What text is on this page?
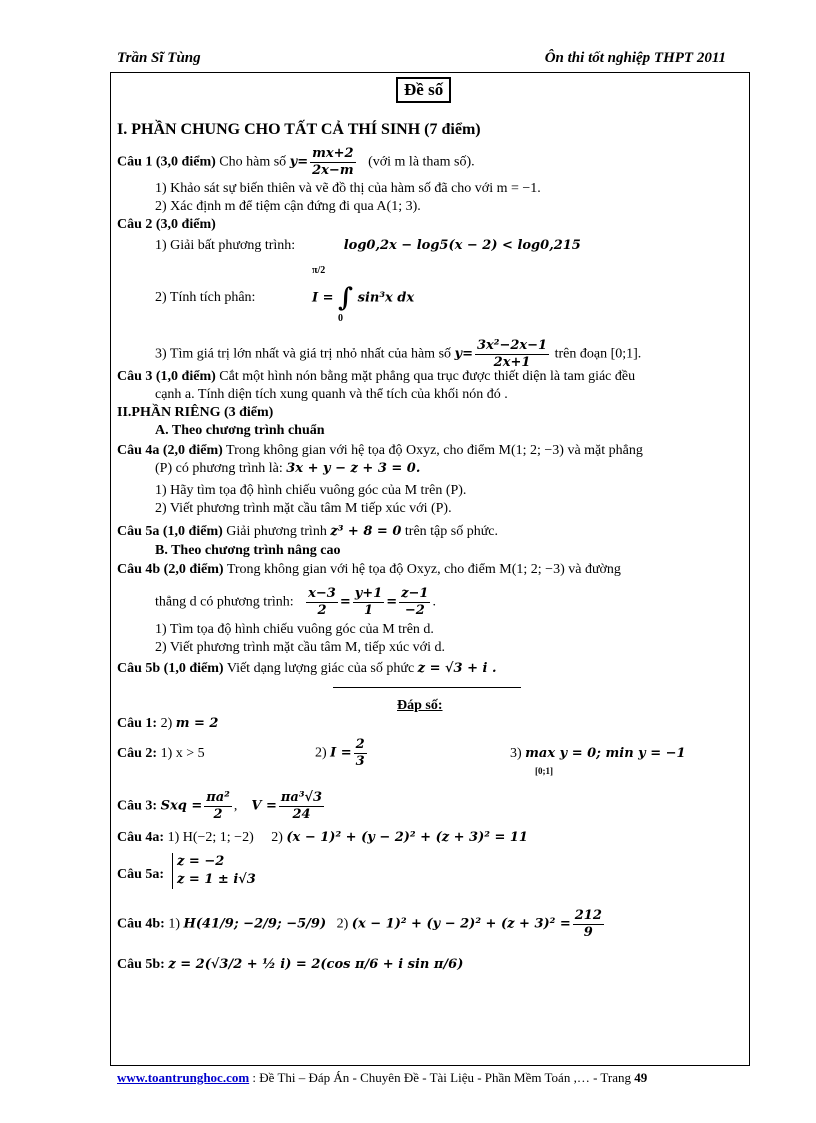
Trần Sĩ Tùng	Ôn thi tốt nghiệp THPT 2011
Đề số
I. PHẦN CHUNG CHO TẤT CẢ THÍ SINH (7 điểm)
Câu 1 (3,0 điểm) Cho hàm số $y= \frac{mx+2}{2x-m}$ (với m là tham số).
1) Khảo sát sự biến thiên và vẽ đồ thị của hàm số đã cho với m = −1.
2) Xác định m để tiệm cận đứng đi qua A(1; 3).
Câu 2 (3,0 điểm)
1) Giải bất phương trình:	log0,2x − log5(x − 2) < log0,215
2) Tính tích phân:
π/2
I = ∫ sin³x dx
0
3) Tìm giá trị lớn nhất và giá trị nhỏ nhất của hàm số $y= \frac{\text{3x²−2x−1}}{2x+1}$ trên đoạn [0;1].
Câu 3 (1,0 điểm) Cắt một hình nón bằng mặt phẳng qua trục được thiết diện là tam giác đều
cạnh a. Tính diện tích xung quanh và thể tích của khối nón đó .
II.PHẦN RIÊNG (3 điểm)
A. Theo chương trình chuẩn
Câu 4a (2,0 điểm) Trong không gian với hệ tọa độ Oxyz, cho điểm M(1; 2; −3) và mặt phẳng
(P) có phương trình là: 3x + y − z + 3 = 0.
1) Hãy tìm tọa độ hình chiếu vuông góc của M trên (P).
2) Viết phương trình mặt cầu tâm M tiếp xúc với (P).
Câu 5a (1,0 điểm) Giải phương trình z³ + 8 = 0 trên tập số phức.
B. Theo chương trình nâng cao
Câu 4b (2,0 điểm) Trong không gian với hệ tọa độ Oxyz, cho điểm M(1; 2; −3) và đường
thẳng d có phương trình: $\frac{x-3}{2} = \frac{y+1}{1} = \frac{z-1}{-2}$ .
1) Tìm tọa độ hình chiếu vuông góc của M trên d.
2) Viết phương trình mặt cầu tâm M, tiếp xúc với d.
Câu 5b (1,0 điểm) Viết dạng lượng giác của số phức z = √3 + i .
Đáp số:
Câu 1: 2) m = 2
Câu 2: 1) x > 5	2) $I = \frac{2}{3}$	3) max y = 0; min y = −1
[0;1]
Câu 3: Sxq = $\frac{\text{πa²}}{2}$ ,    $V = \frac{\text{πa³√3}}{24}$
Câu 4a: 1) H(−2; 1; −2) 2) (x − 1)² + (y − 2)² + (z + 3)² = 11
Câu 5a:
z = −2
z = 1 ± i√3
Câu 4b: 1) H(41/9; −2/9; −5/9) 2) $(x - 1)^2 + (y - 2)^2 + (z + 3)^2 = \frac{212}{9}$
Câu 5b: z = 2(√3/2 + ½ i) = 2(cos π/6 + i sin π/6)
www.toantrunghoc.com : Đề Thi – Đáp Án - Chuyên Đề - Tài Liệu - Phần Mềm Toán ,… - Trang 49
